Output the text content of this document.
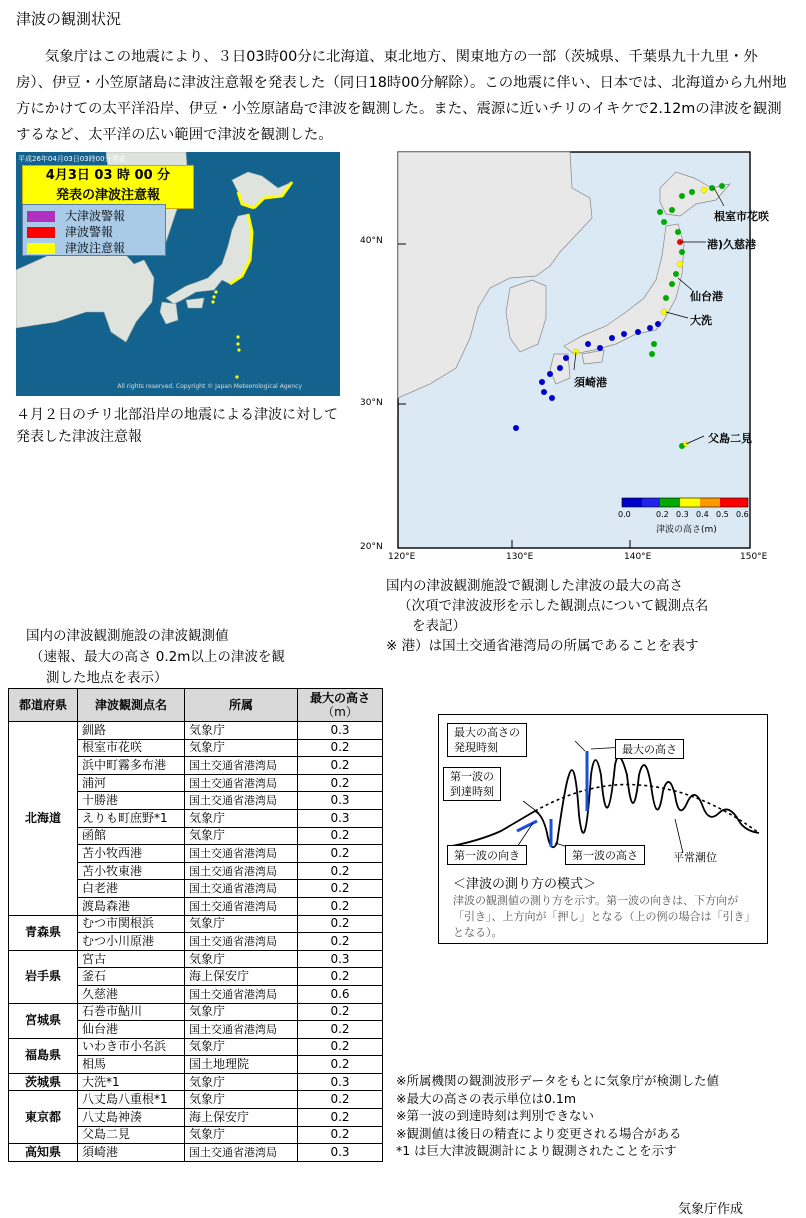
津波の観測状況
気象庁はこの地震により、３日03時00分に北海道、東北地方、関東地方の一部（茨城県、千葉県九十九里・外房）、伊豆・小笠原諸島に津波注意報を発表した（同日18時00分解除）。この地震に伴い、日本では、北海道から九州地方にかけての太平洋沿岸、伊豆・小笠原諸島で津波を観測した。また、震源に近いチリのイキケで2.12mの津波を観測するなど、太平洋の広い範囲で津波を観測した。
平成26年04月03日03時00分発表
4月3日 03 時 00 分
発表の津波注意報
大津波警報
津波警報
津波注意報
All rights reserved. Copyright © Japan Meteorological Agency
４月２日のチリ北部沿岸の地震による津波に対して発表した津波注意報
40°N
30°N
20°N
120°E	130°E	140°E	150°E
根室市花咲
港)久慈港
仙台港
大洗
須崎港
父島二見
0.0	0.2 0.3 0.4 0.5 0.6
津波の高さ(m)
国内の津波観測施設で観測した津波の最大の高さ
（次項で津波波形を示した観測点について観測点名
を表記）
※ 港）は国土交通省港湾局の所属であることを表す
国内の津波観測施設の津波観測値
（速報、最大の高さ 0.2m以上の津波を観
測した地点を表示）
都道府県	津波観測点名	所属	最大の高さ
（m）

北海道	釧路	気象庁	0.3
	根室市花咲	気象庁	0.2
	浜中町霧多布港	国土交通省港湾局	0.2
	浦河	国土交通省港湾局	0.2
	十勝港	国土交通省港湾局	0.3
	えりも町庶野*1	気象庁	0.3
	函館	気象庁	0.2
	苫小牧西港	国土交通省港湾局	0.2
	苫小牧東港	国土交通省港湾局	0.2
	白老港	国土交通省港湾局	0.2
	渡島森港	国土交通省港湾局	0.2
青森県	むつ市関根浜	気象庁	0.2
	むつ小川原港	国土交通省港湾局	0.2
岩手県	宮古	気象庁	0.3
	釜石	海上保安庁	0.2
	久慈港	国土交通省港湾局	0.6
宮城県	石巻市鮎川	気象庁	0.2
	仙台港	国土交通省港湾局	0.2
福島県	いわき市小名浜	気象庁	0.2
	相馬	国土地理院	0.2
茨城県	大洗*1	気象庁	0.3
東京都	八丈島八重根*1	気象庁	0.2
	八丈島神湊	海上保安庁	0.2
	父島二見	気象庁	0.2
高知県	須崎港	国土交通省港湾局	0.3
最大の高さの
発現時刻	最大の高さ
第一波の
到達時刻
第一波の向き	第一波の高さ	平常潮位
＜津波の測り方の模式＞
津波の観測値の測り方を示す。第一波の向きは、下方向が「引き」、上方向が「押し」となる（上の例の場合は「引き」となる）。
※所属機関の観測波形データをもとに気象庁が検測した値
※最大の高さの表示単位は0.1m
※第一波の到達時刻は判別できない
※観測値は後日の精査により変更される場合がある
*1 は巨大津波観測計により観測されたことを示す
気象庁作成
